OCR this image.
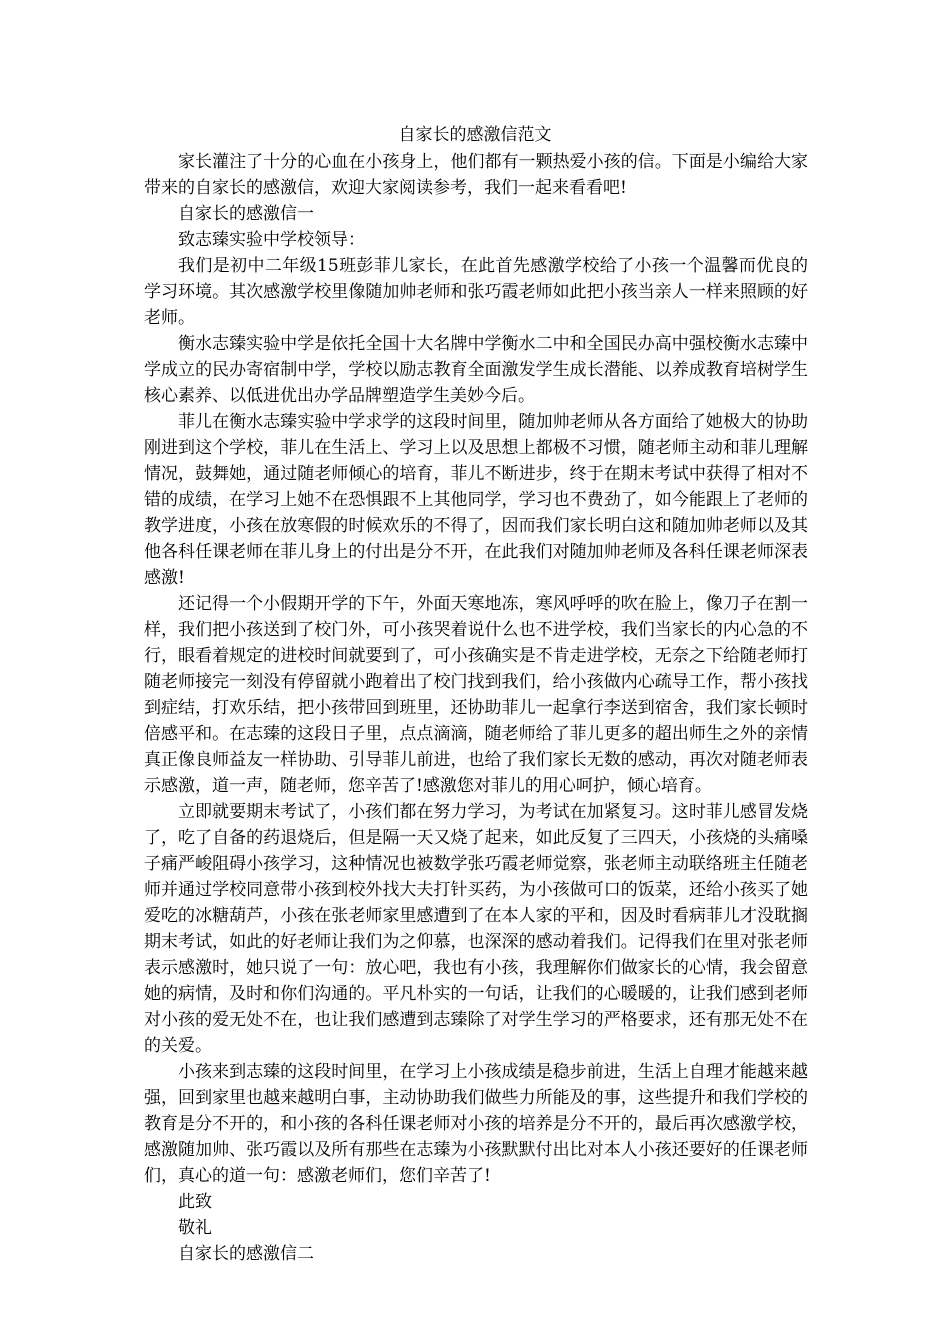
自家长的感激信范文

家长灌注了十分的心血在小孩身上，他们都有一颗热爱小孩的信。下面是小编给大家带来的自家长的感激信，欢迎大家阅读参考，我们一起来看看吧!

自家长的感激信一

致志臻实验中学校领导：

我们是初中二年级15班彭菲儿家长，在此首先感激学校给了小孩一个温馨而优良的学习环境。其次感激学校里像随加帅老师和张巧霞老师如此把小孩当亲人一样来照顾的好老师。

衡水志臻实验中学是依托全国十大名牌中学衡水二中和全国民办高中强校衡水志臻中学成立的民办寄宿制中学，学校以励志教育全面激发学生成长潜能、以养成教育培树学生核心素养、以低进优出办学品牌塑造学生美妙今后。

菲儿在衡水志臻实验中学求学的这段时间里，随加帅老师从各方面给了她极大的协助刚进到这个学校，菲儿在生活上、学习上以及思想上都极不习惯，随老师主动和菲儿理解情况，鼓舞她，通过随老师倾心的培育，菲儿不断进步，终于在期末考试中获得了相对不错的成绩，在学习上她不在恐惧跟不上其他同学，学习也不费劲了，如今能跟上了老师的教学进度，小孩在放寒假的时候欢乐的不得了，因而我们家长明白这和随加帅老师以及其他各科任课老师在菲儿身上的付出是分不开，在此我们对随加帅老师及各科任课老师深表感激!

还记得一个小假期开学的下午，外面天寒地冻，寒风呼呼的吹在脸上，像刀子在割一样，我们把小孩送到了校门外，可小孩哭着说什么也不进学校，我们当家长的内心急的不行，眼看着规定的进校时间就要到了，可小孩确实是不肯走进学校，无奈之下给随老师打随老师接完一刻没有停留就小跑着出了校门找到我们，给小孩做内心疏导工作，帮小孩找到症结，打欢乐结，把小孩带回到班里，还协助菲儿一起拿行李送到宿舍，我们家长顿时倍感平和。在志臻的这段日子里，点点滴滴，随老师给了菲儿更多的超出师生之外的亲情真正像良师益友一样协助、引导菲儿前进，也给了我们家长无数的感动，再次对随老师表示感激，道一声，随老师，您辛苦了!感激您对菲儿的用心呵护，倾心培育。

立即就要期末考试了，小孩们都在努力学习，为考试在加紧复习。这时菲儿感冒发烧了，吃了自备的药退烧后，但是隔一天又烧了起来，如此反复了三四天，小孩烧的头痛嗓子痛严峻阻碍小孩学习，这种情况也被数学张巧霞老师觉察，张老师主动联络班主任随老师并通过学校同意带小孩到校外找大夫打针买药，为小孩做可口的饭菜，还给小孩买了她爱吃的冰糖葫芦，小孩在张老师家里感遭到了在本人家的平和，因及时看病菲儿才没耽搁期末考试，如此的好老师让我们为之仰慕，也深深的感动着我们。记得我们在里对张老师表示感激时，她只说了一句：放心吧，我也有小孩，我理解你们做家长的心情，我会留意她的病情，及时和你们沟通的。平凡朴实的一句话，让我们的心暖暖的，让我们感到老师对小孩的爱无处不在，也让我们感遭到志臻除了对学生学习的严格要求，还有那无处不在的关爱。

小孩来到志臻的这段时间里，在学习上小孩成绩是稳步前进，生活上自理才能越来越强，回到家里也越来越明白事，主动协助我们做些力所能及的事，这些提升和我们学校的教育是分不开的，和小孩的各科任课老师对小孩的培养是分不开的，最后再次感激学校，感激随加帅、张巧霞以及所有那些在志臻为小孩默默付出比对本人小孩还要好的任课老师们，真心的道一句：感激老师们，您们辛苦了!

此致

敬礼

自家长的感激信二
